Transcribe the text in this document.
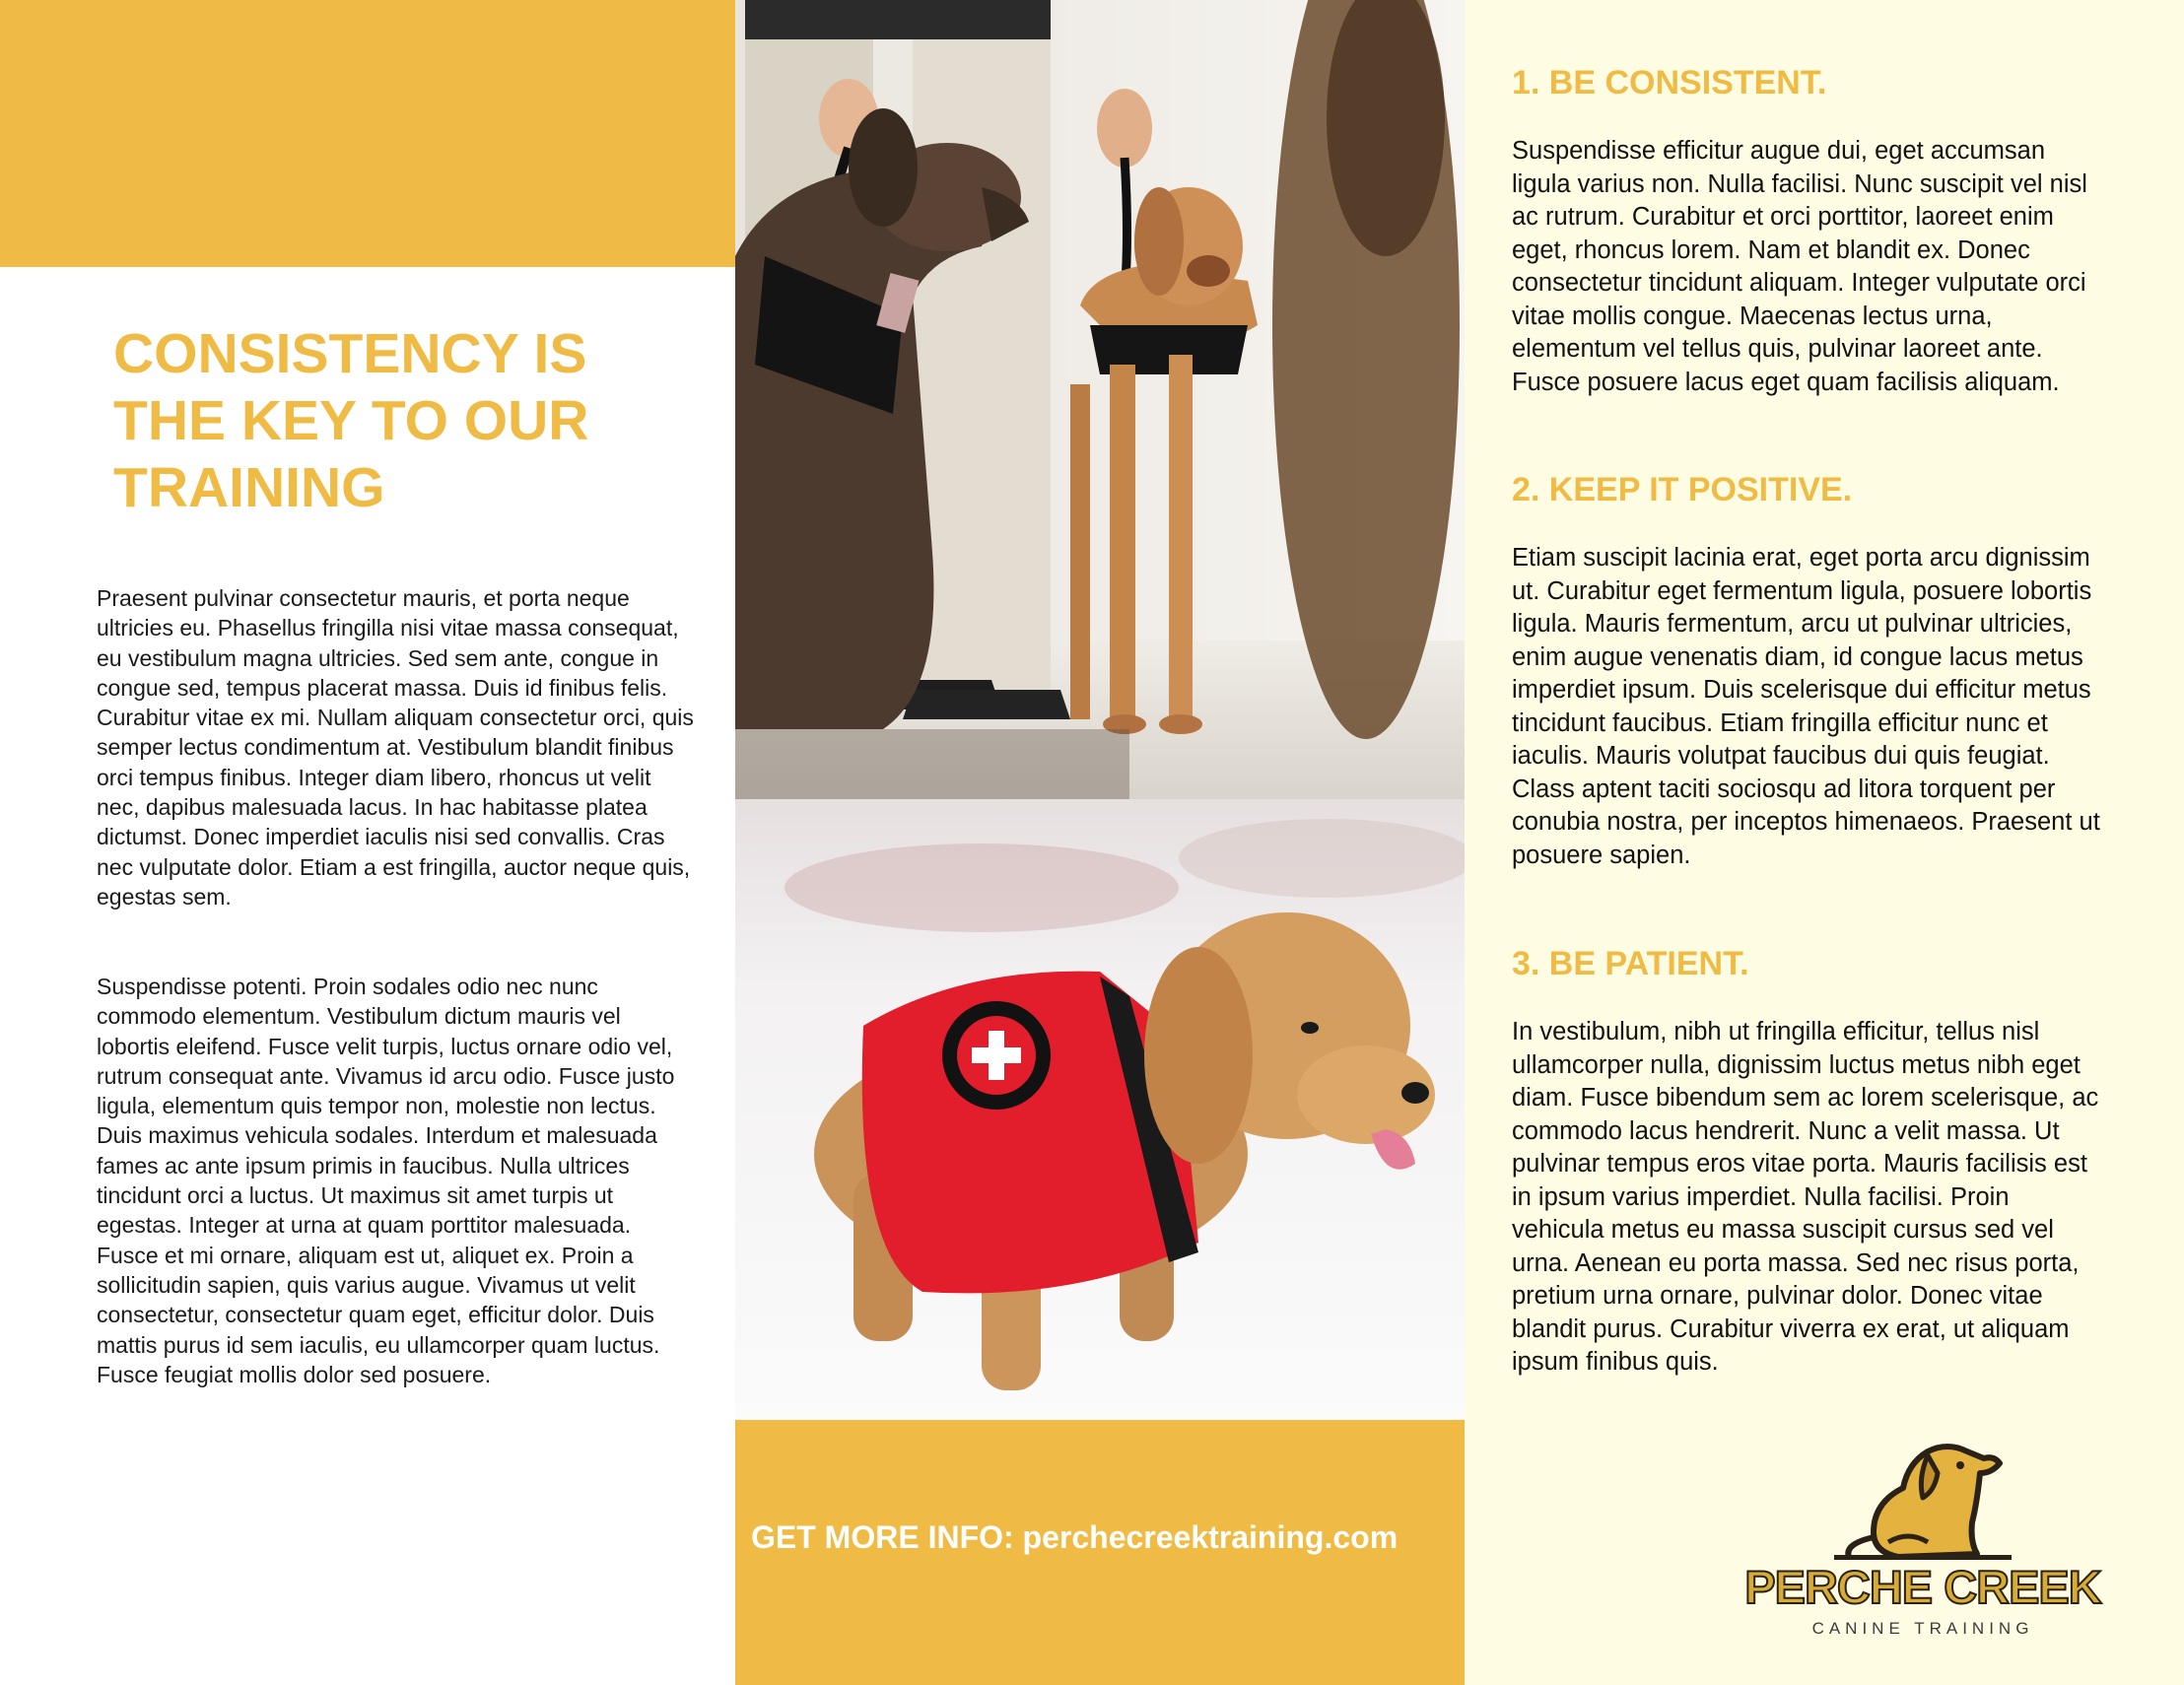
CONSISTENCY IS THE KEY TO OUR TRAINING

Praesent pulvinar consectetur mauris, et porta neque ultricies eu. Phasellus fringilla nisi vitae massa consequat, eu vestibulum magna ultricies. Sed sem ante, congue in congue sed, tempus placerat massa. Duis id finibus felis. Curabitur vitae ex mi. Nullam aliquam consectetur orci, quis semper lectus condimentum at. Vestibulum blandit finibus orci tempus finibus. Integer diam libero, rhoncus ut velit nec, dapibus malesuada lacus. In hac habitasse platea dictumst. Donec imperdiet iaculis nisi sed convallis. Cras nec vulputate dolor. Etiam a est fringilla, auctor neque quis, egestas sem.

Suspendisse potenti. Proin sodales odio nec nunc commodo elementum. Vestibulum dictum mauris vel lobortis eleifend. Fusce velit turpis, luctus ornare odio vel, rutrum consequat ante. Vivamus id arcu odio. Fusce justo ligula, elementum quis tempor non, molestie non lectus. Duis maximus vehicula sodales. Interdum et malesuada fames ac ante ipsum primis in faucibus. Nulla ultrices tincidunt orci a luctus. Ut maximus sit amet turpis ut egestas. Integer at urna at quam porttitor malesuada. Fusce et mi ornare, aliquam est ut, aliquet ex. Proin a sollicitudin sapien, quis varius augue. Vivamus ut velit consectetur, consectetur quam eget, efficitur dolor. Duis mattis purus id sem iaculis, eu ullamcorper quam luctus. Fusce feugiat mollis dolor sed posuere.

GET MORE INFO: perchecreektraining.com

1. BE CONSISTENT.

Suspendisse efficitur augue dui, eget accumsan ligula varius non. Nulla facilisi. Nunc suscipit vel nisl ac rutrum. Curabitur et orci porttitor, laoreet enim eget, rhoncus lorem. Nam et blandit ex. Donec consectetur tincidunt aliquam. Integer vulputate orci vitae mollis congue. Maecenas lectus urna, elementum vel tellus quis, pulvinar laoreet ante. Fusce posuere lacus eget quam facilisis aliquam.

2. KEEP IT POSITIVE.

Etiam suscipit lacinia erat, eget porta arcu dignissim ut. Curabitur eget fermentum ligula, posuere lobortis ligula. Mauris fermentum, arcu ut pulvinar ultricies, enim augue venenatis diam, id congue lacus metus imperdiet ipsum. Duis scelerisque dui efficitur metus tincidunt faucibus. Etiam fringilla efficitur nunc et iaculis. Mauris volutpat faucibus dui quis feugiat. Class aptent taciti sociosqu ad litora torquent per conubia nostra, per inceptos himenaeos. Praesent ut posuere sapien.

3. BE PATIENT.

In vestibulum, nibh ut fringilla efficitur, tellus nisl ullamcorper nulla, dignissim luctus metus nibh eget diam. Fusce bibendum sem ac lorem scelerisque, ac commodo lacus hendrerit. Nunc a velit massa. Ut pulvinar tempus eros vitae porta. Mauris facilisis est in ipsum varius imperdiet. Nulla facilisi. Proin vehicula metus eu massa suscipit cursus sed vel urna. Aenean eu porta massa. Sed nec risus porta, pretium urna ornare, pulvinar dolor. Donec vitae blandit purus. Curabitur viverra ex erat, ut aliquam ipsum finibus quis.

PERCHE CREEK
CANINE TRAINING
